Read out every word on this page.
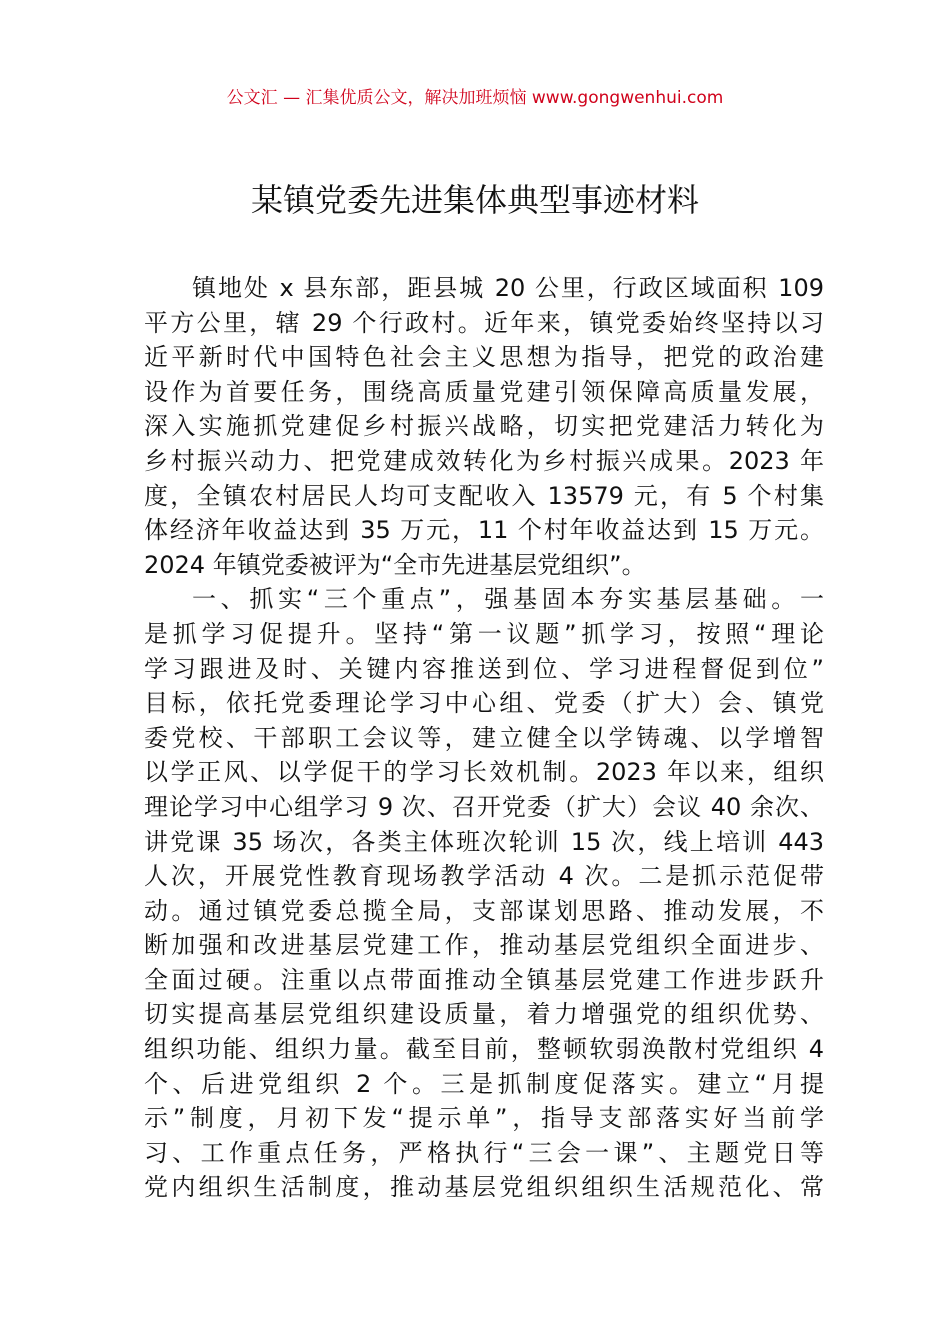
公文汇 — 汇集优质公文，解决加班烦恼 www.gongwenhui.com
某镇党委先进集体典型事迹材料
镇地处 x 县东部，距县城 20 公里，行政区域面积 109
平方公里，辖 29 个行政村。近年来，镇党委始终坚持以习
近平新时代中国特色社会主义思想为指导，把党的政治建
设作为首要任务，围绕高质量党建引领保障高质量发展，
深入实施抓党建促乡村振兴战略，切实把党建活力转化为
乡村振兴动力、把党建成效转化为乡村振兴成果。2023 年
度，全镇农村居民人均可支配收入 13579 元，有 5 个村集
体经济年收益达到 35 万元，11 个村年收益达到 15 万元。
2024 年镇党委被评为“全市先进基层党组织”。
一、抓实“三个重点”，强基固本夯实基层基础。一
是抓学习促提升。坚持“第一议题”抓学习，按照“理论
学习跟进及时、关键内容推送到位、学习进程督促到位”
目标，依托党委理论学习中心组、党委（扩大）会、镇党
委党校、干部职工会议等，建立健全以学铸魂、以学增智
以学正风、以学促干的学习长效机制。2023 年以来，组织
理论学习中心组学习 9 次、召开党委（扩大）会议 40 余次、
讲党课 35 场次，各类主体班次轮训 15 次，线上培训 443
人次，开展党性教育现场教学活动 4 次。二是抓示范促带
动。通过镇党委总揽全局，支部谋划思路、推动发展，不
断加强和改进基层党建工作，推动基层党组织全面进步、
全面过硬。注重以点带面推动全镇基层党建工作进步跃升
切实提高基层党组织建设质量，着力增强党的组织优势、
组织功能、组织力量。截至目前，整顿软弱涣散村党组织 4
个、后进党组织 2 个。三是抓制度促落实。建立“月提
示”制度，月初下发“提示单”，指导支部落实好当前学
习、工作重点任务，严格执行“三会一课”、主题党日等
党内组织生活制度，推动基层党组织组织生活规范化、常
